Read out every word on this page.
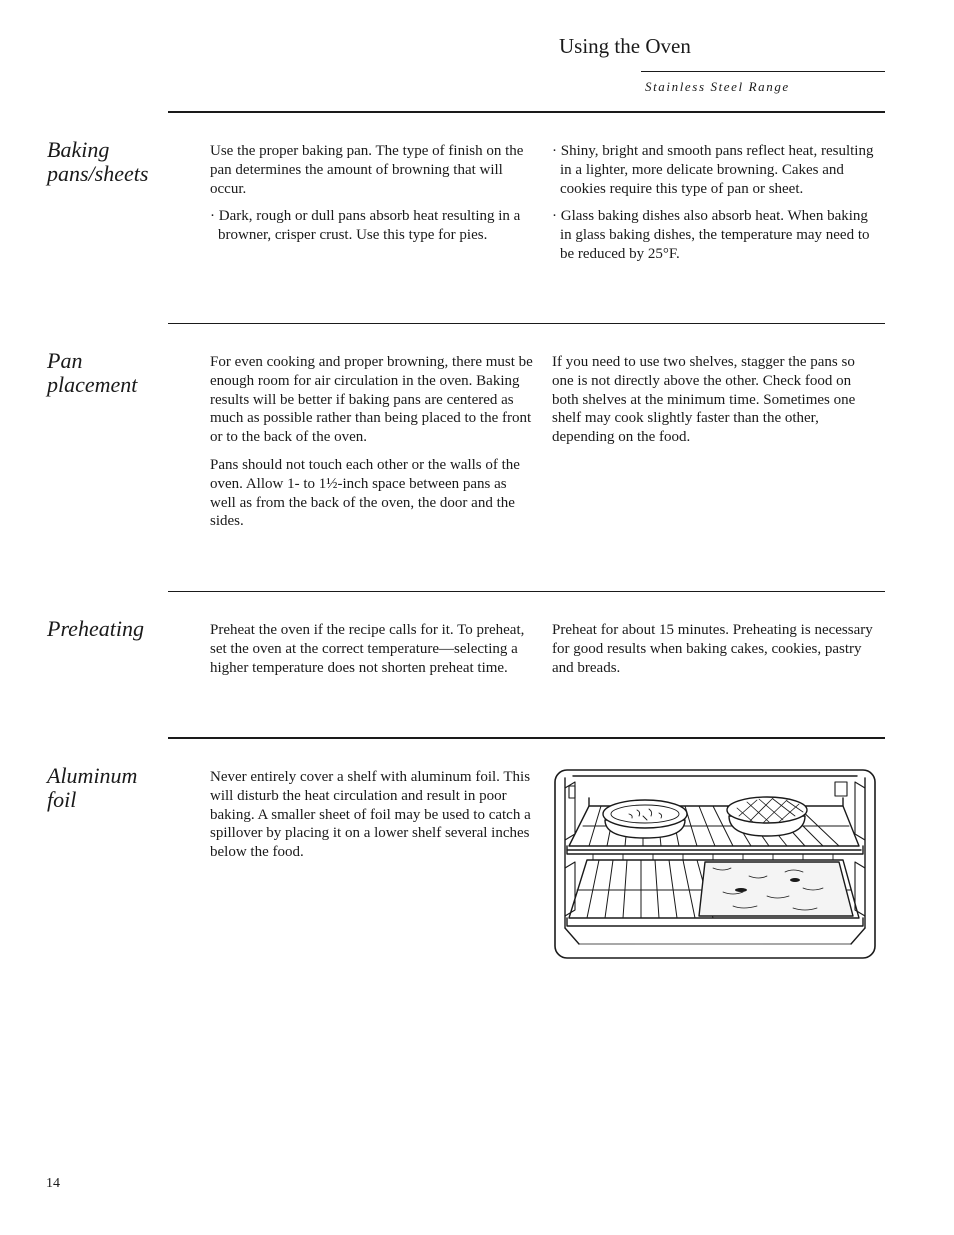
Using the Oven
Stainless Steel Range
Baking pans/sheets

Use the proper baking pan. The type of finish on the pan determines the amount of browning that will occur.

· Dark, rough or dull pans absorb heat resulting in a browner, crisper crust. Use this type for pies.

· Shiny, bright and smooth pans reflect heat, resulting in a lighter, more delicate browning. Cakes and cookies require this type of pan or sheet.

· Glass baking dishes also absorb heat. When baking in glass baking dishes, the temperature may need to be reduced by 25°F.

Pan placement

For even cooking and proper browning, there must be enough room for air circulation in the oven. Baking results will be better if baking pans are centered as much as possible rather than being placed to the front or to the back of the oven.

Pans should not touch each other or the walls of the oven. Allow 1- to 1½-inch space between pans as well as from the back of the oven, the door and the sides.

If you need to use two shelves, stagger the pans so one is not directly above the other. Check food on both shelves at the minimum time. Sometimes one shelf may cook slightly faster than the other, depending on the food.

Preheating	Preheat the oven if the recipe calls for it. To preheat, set the oven at the correct temperature—selecting a higher temperature does not shorten preheat time.

Preheat for about 15 minutes. Preheating is necessary for good results when baking cakes, cookies, pastry and breads.

Aluminum foil

Never entirely cover a shelf with aluminum foil. This will disturb the heat circulation and result in poor baking. A smaller sheet of foil may be used to catch a spillover by placing it on a lower shelf several inches below the food.

14
